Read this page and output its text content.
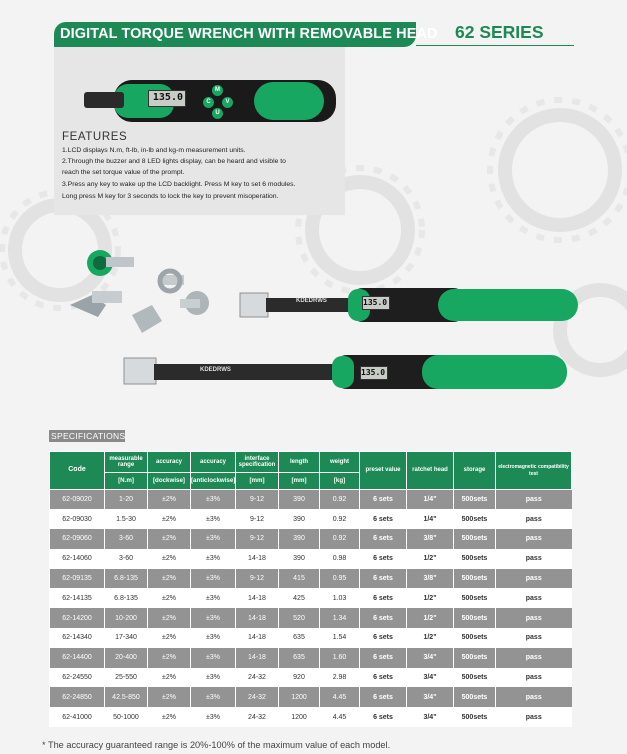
DIGITAL TORQUE WRENCH WITH REMOVABLE HEAD 62 SERIES
135.0
M
C
U
V
FEATURES
1.LCD displays N.m, ft-lb, in-lb and kg-m measurement units.
2.Through the buzzer and 8 LED lights display, can be heard and visible to
reach the set torque value of the prompt.
3.Press any key to wake up the LCD backlight. Press M key to set 6 modules.
Long press M key for 3 seconds to lock the key to prevent misoperation.
KDEDRWS	135.0
KDEDRWS	135.0
SPECIFICATIONS
Code	measurable range	accuracy	accuracy	interface specification	length	weight	preset value	ratchet head	storage	electromagnetic compatibility test
	[N.m]	[dockwise]	[anticlockwise]	[mm]	[mm]	[kg]				
62-09020	1-20	±2%	±3%	9-12	390	0.92	6 sets	1/4"	500sets	pass
62-09030	1.5-30	±2%	±3%	9-12	390	0.92	6 sets	1/4"	500sets	pass
62-09060	3-60	±2%	±3%	9-12	390	0.92	6 sets	3/8"	500sets	pass
62-14060	3-60	±2%	±3%	14-18	390	0.98	6 sets	1/2"	500sets	pass
62-09135	6.8-135	±2%	±3%	9-12	415	0.95	6 sets	3/8"	500sets	pass
62-14135	6.8-135	±2%	±3%	14-18	425	1.03	6 sets	1/2"	500sets	pass
62-14200	10-200	±2%	±3%	14-18	520	1.34	6 sets	1/2"	500sets	pass
62-14340	17-340	±2%	±3%	14-18	635	1.54	6 sets	1/2"	500sets	pass
62-14400	20-400	±2%	±3%	14-18	635	1.60	6 sets	3/4"	500sets	pass
62-24550	25-550	±2%	±3%	24-32	920	2.98	6 sets	3/4"	500sets	pass
62-24850	42.5-850	±2%	±3%	24-32	1200	4.45	6 sets	3/4"	500sets	pass
62-41000	50-1000	±2%	±3%	24-32	1200	4.45	6 sets	3/4"	500sets	pass
* The accuracy guaranteed range is 20%-100% of the maximum value of each model.
